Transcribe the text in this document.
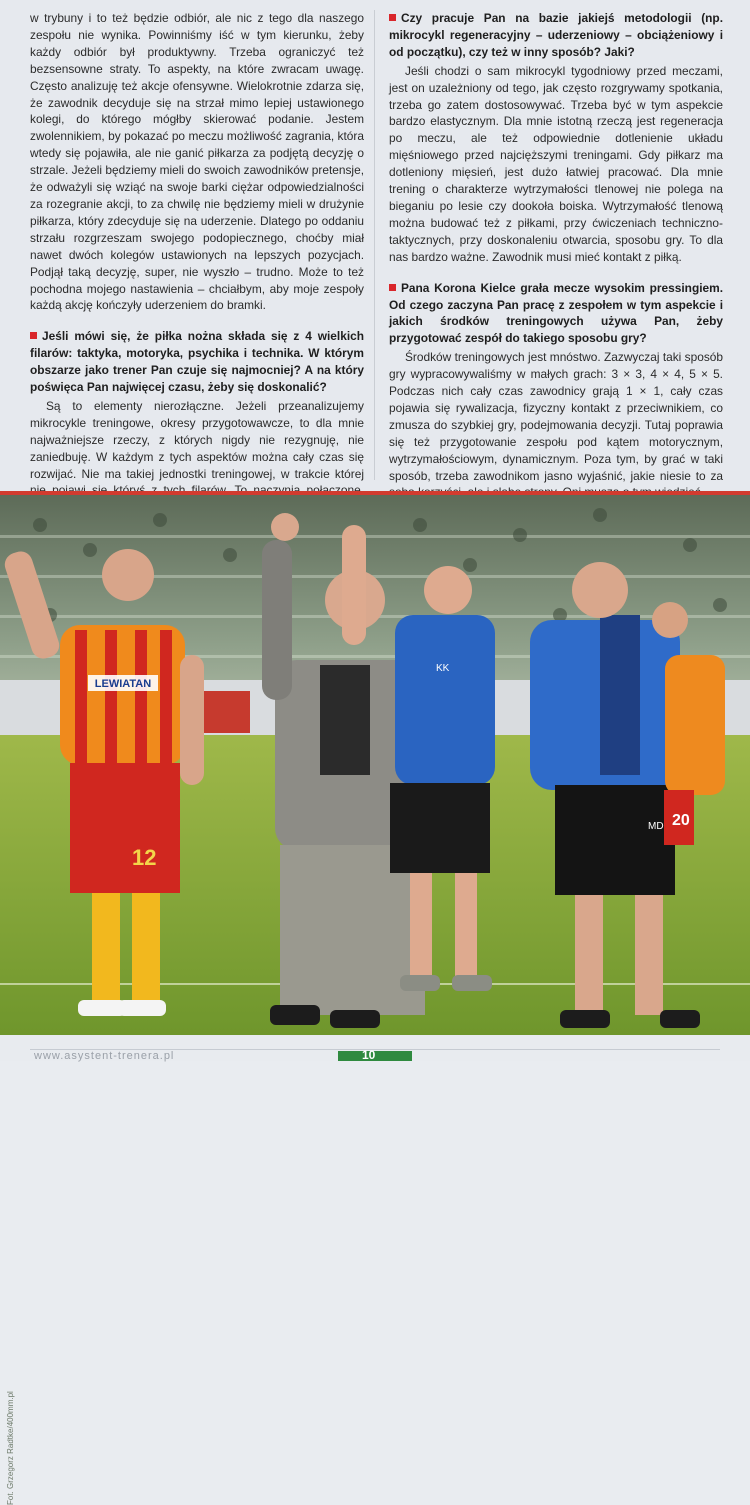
w trybuny i to też będzie odbiór, ale nic z tego dla naszego zespołu nie wynika. Powinniśmy iść w tym kierunku, żeby każdy odbiór był produktywny. Trzeba ograniczyć też bezsensowne straty. To aspekty, na które zwracam uwagę. Często analizuję też akcje ofensywne. Wielokrotnie zdarza się, że zawodnik decyduje się na strzał mimo lepiej ustawionego kolegi, do którego mógłby skierować podanie. Jestem zwolennikiem, by pokazać po meczu możliwość zagrania, która wtedy się pojawiła, ale nie ganić piłkarza za podjętą decyzję o strzale. Jeżeli będziemy mieli do swoich zawodników pretensje, że odważyli się wziąć na swoje barki ciężar odpowiedzialności za rozegranie akcji, to za chwilę nie będziemy mieli w drużynie piłkarza, który zdecyduje się na uderzenie. Dlatego po oddaniu strzału rozgrzeszam swojego podopiecznego, choćby miał nawet dwóch kolegów ustawionych na lepszych pozycjach. Podjął taką decyzję, super, nie wyszło – trudno. Może to też pochodna mojego nastawienia – chciałbym, aby moje zespoły każdą akcję kończyły uderzeniem do bramki.

Jeśli mówi się, że piłka nożna składa się z 4 wielkich filarów: taktyka, motoryka, psychika i technika. W którym obszarze jako trener Pan czuje się najmocniej? A na który poświęca Pan najwięcej czasu, żeby się doskonalić?

Są to elementy nierozłączne. Jeżeli przeanalizujemy mikrocykle treningowe, okresy przygotowawcze, to dla mnie najważniejsze rzeczy, z których nigdy nie rezygnuję, nie zaniedbuję. W każdym z tych aspektów można cały czas się rozwijać. Nie ma takiej jednostki treningowej, w trakcie której

Czy pracuje Pan na bazie jakiejś metodologii (np. mikrocykl regeneracyjny – uderzeniowy – obciążeniowy i od początku), czy też w inny sposób? Jaki?

Jeśli chodzi o sam mikrocykl tygodniowy przed meczami, jest on uzależniony od tego, jak często rozgrywamy spotkania, trzeba go zatem dostosowywać. Trzeba być w tym aspekcie bardzo elastycznym. Dla mnie istotną rzeczą jest regeneracja po meczu, ale też odpowiednie dotlenienie układu mięśniowego przed najcięższymi treningami. Gdy piłkarz ma dotleniony mięsień, jest dużo łatwiej pracować. Dla mnie trening o charakterze wytrzymałości tlenowej nie polega na bieganiu po lesie czy dookoła boiska. Wytrzymałość tlenową można budować też z piłkami, przy ćwiczeniach techniczno-taktycznych, przy doskonaleniu otwarcia, sposobu gry. To dla nas bardzo ważne. Zawodnik musi mieć kontakt z piłką.

Pana Korona Kielce grała mecze wysokim pressingiem. Od czego zaczyna Pan pracę z zespołem w tym aspekcie i jakich środków treningowych używa Pan, żeby przygotować zespół do takiego sposobu gry?

Środków treningowych jest mnóstwo. Zazwyczaj taki sposób gry wypracowywaliśmy w małych grach: 3 × 3, 4 × 4, 5 × 5. Podczas nich cały czas zawodnicy grają 1 × 1, cały czas pojawia się rywalizacja, fizyczny kontakt z przeciwnikiem, co zmusza do szybkiej gry, podejmowania decyzji. Tutaj poprawia się też przygotowanie zespołu pod kątem motorycznym, wytrzymałościowym, dynamicznym. Poza tym, by grać w taki sposób, trzeba zawodnikom jasno wyjaśnić, jakie niesie to za

LEWIATAN
12
KK
MD 20
Fot. Grzegorz Radtke/400mm.pl
www.asystent-trenera.pl	10
